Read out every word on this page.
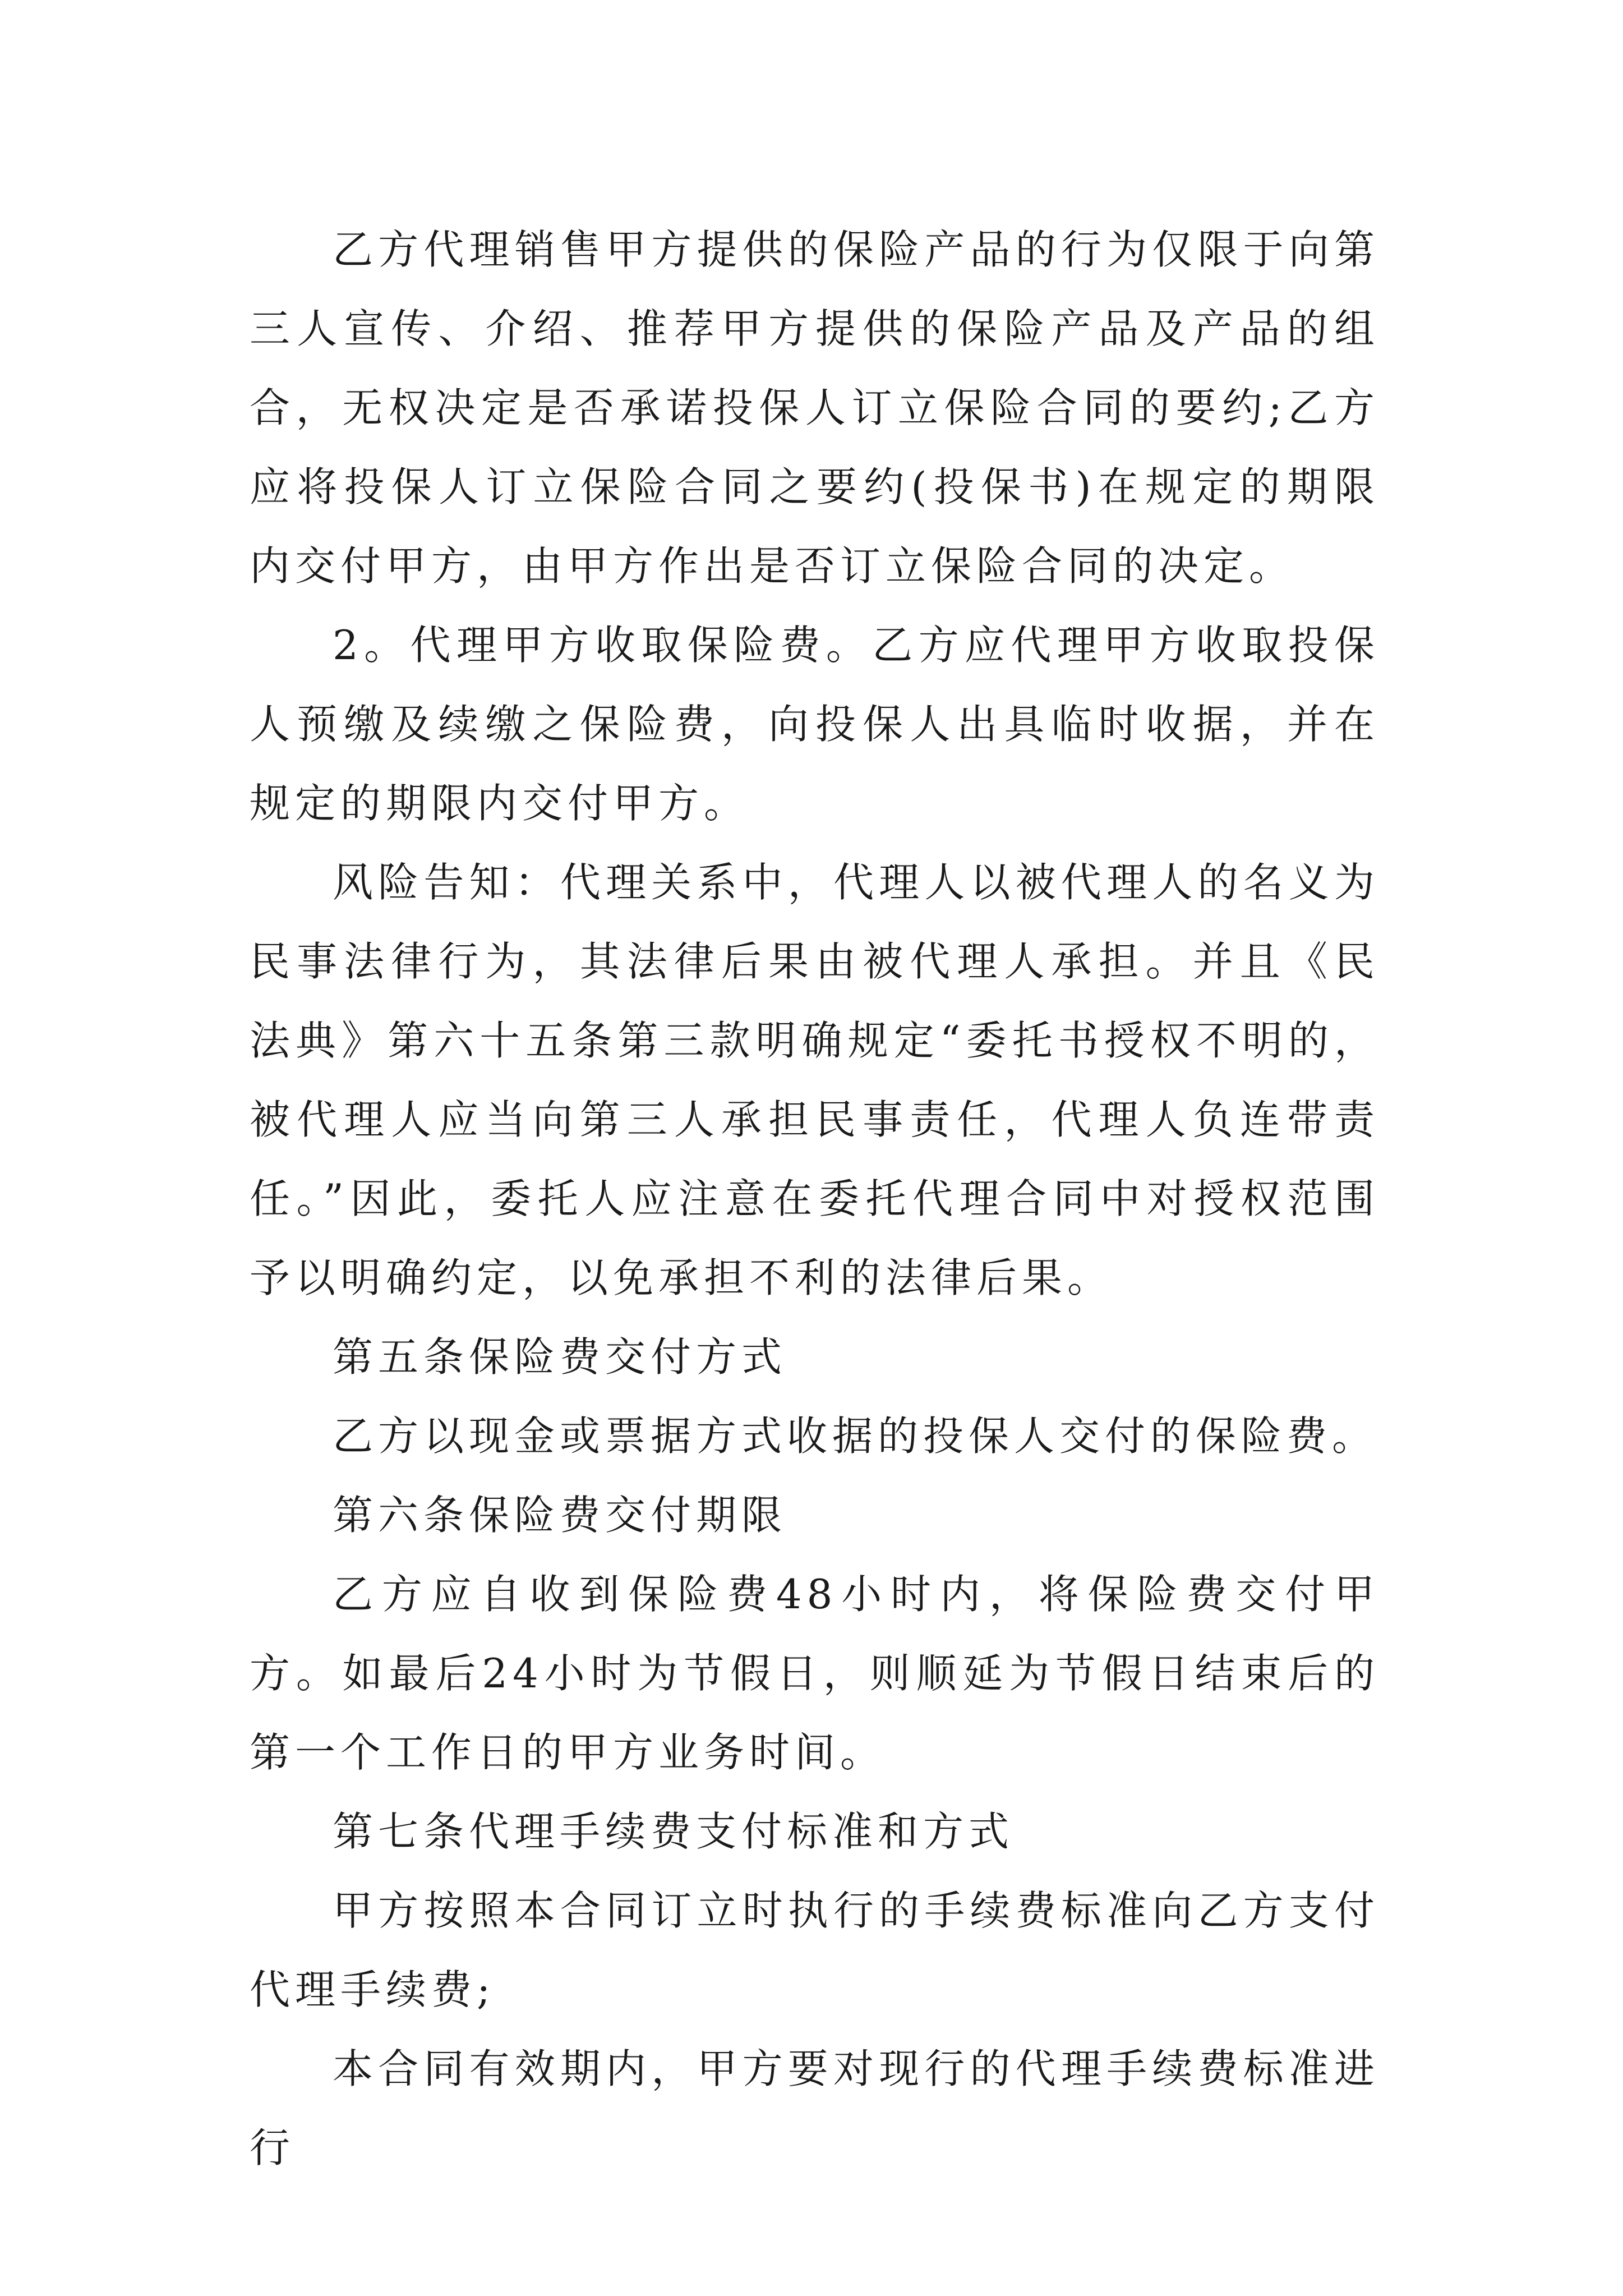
乙方代理销售甲方提供的保险产品的行为仅限于向第三人宣传、介绍、推荐甲方提供的保险产品及产品的组合，无权决定是否承诺投保人订立保险合同的要约;乙方应将投保人订立保险合同之要约(投保书)在规定的期限内交付甲方，由甲方作出是否订立保险合同的决定。

2。代理甲方收取保险费。乙方应代理甲方收取投保人预缴及续缴之保险费，向投保人出具临时收据，并在规定的期限内交付甲方。

风险告知：代理关系中，代理人以被代理人的名义为民事法律行为，其法律后果由被代理人承担。并且《民法典》第六十五条第三款明确规定“委托书授权不明的，被代理人应当向第三人承担民事责任，代理人负连带责任。”因此，委托人应注意在委托代理合同中对授权范围予以明确约定，以免承担不利的法律后果。

第五条保险费交付方式

乙方以现金或票据方式收据的投保人交付的保险费。

第六条保险费交付期限

乙方应自收到保险费48小时内，将保险费交付甲方。如最后24小时为节假日，则顺延为节假日结束后的第一个工作日的甲方业务时间。

第七条代理手续费支付标准和方式

甲方按照本合同订立时执行的手续费标准向乙方支付代理手续费;

本合同有效期内，甲方要对现行的代理手续费标准进行
